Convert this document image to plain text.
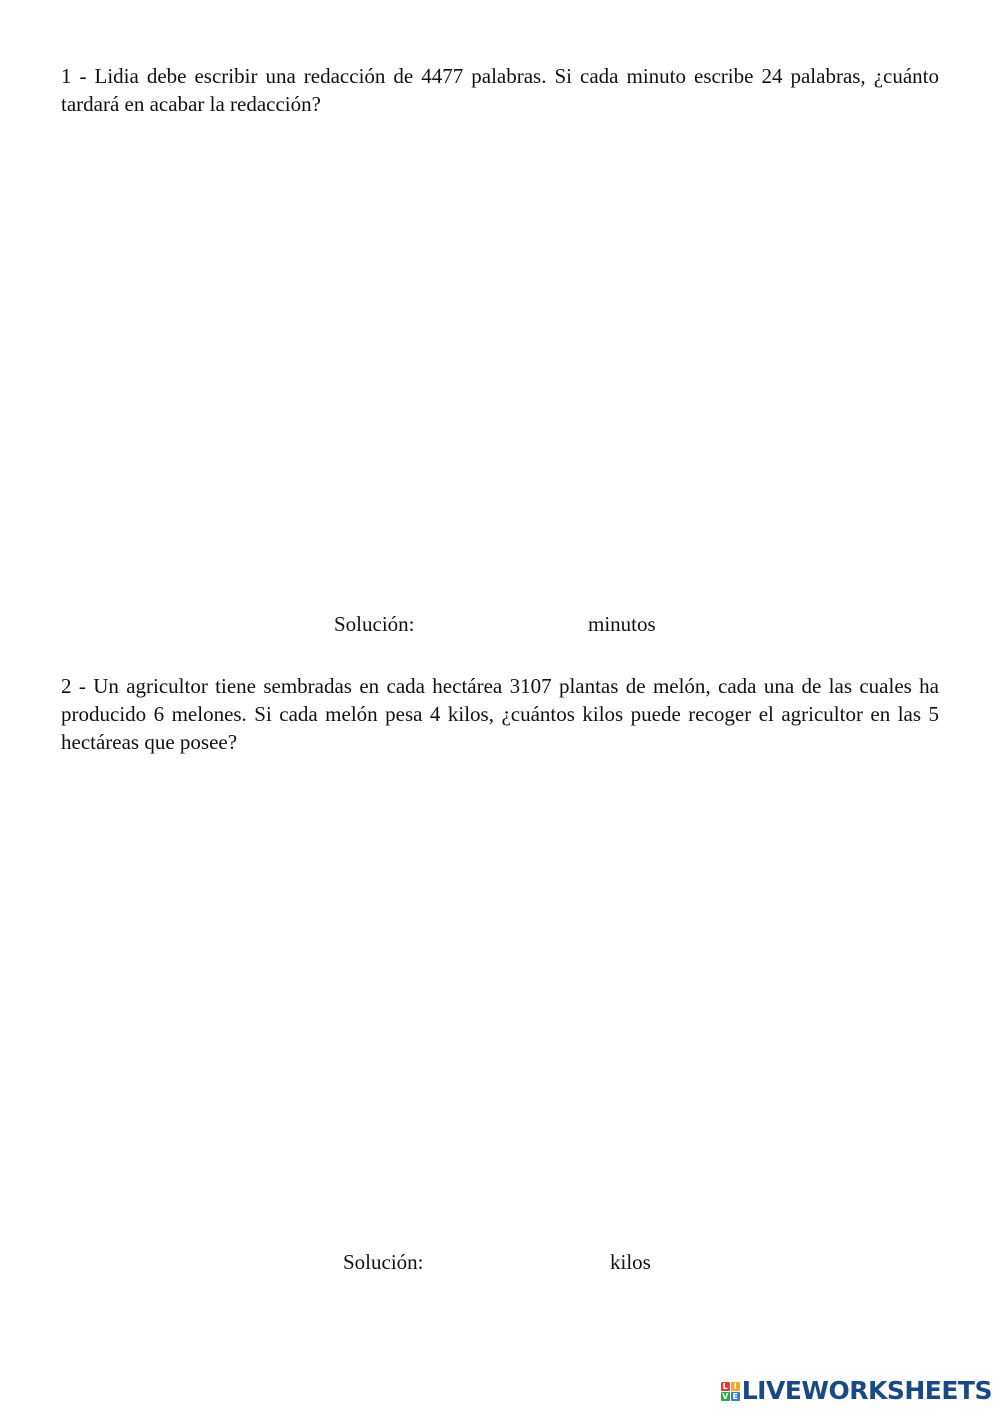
1 - Lidia debe escribir una redacción de 4477 palabras. Si cada minuto escribe 24 palabras, ¿cuánto tardará en acabar la redacción?

Solución:	minutos

2 - Un agricultor tiene sembradas en cada hectárea 3107 plantas de melón, cada una de las cuales ha producido 6 melones. Si cada melón pesa 4 kilos, ¿cuántos kilos puede recoger el agricultor en las 5 hectáreas que posee?

Solución:	kilos
L I
V E LIVEWORKSHEETS
